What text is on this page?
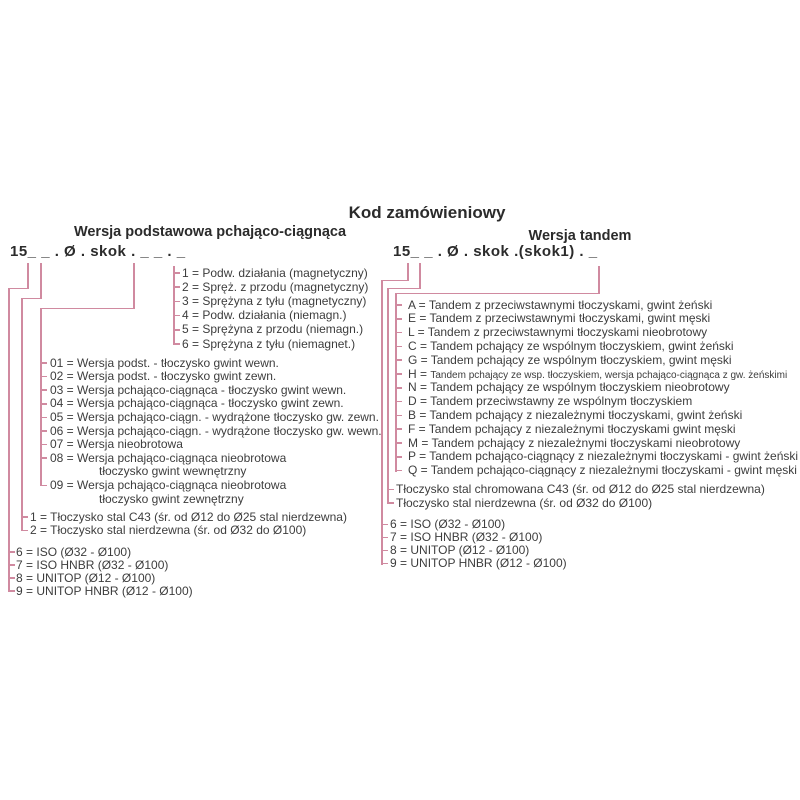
Kod zamówieniowy
Wersja podstawowa pchająco-ciągnąca	Wersja tandem
15_ _ . Ø . skok . _ _ . _	15_ _ . Ø . skok .(skok1) . _
1 = Podw. działania (magnetyczny)
2 = Spręż. z przodu (magnetyczny)
3 = Sprężyna z tyłu (magnetyczny)
4 = Podw. działania (niemagn.)
5 = Sprężyna z przodu (niemagn.)
6 = Sprężyna z tyłu (niemagnet.)
01 = Wersja podst. - tłoczysko gwint wewn.
02 = Wersja podst. - tłoczysko gwint zewn.
03 = Wersja pchająco-ciągnąca - tłoczysko gwint wewn.
04 = Wersja pchająco-ciągnąca - tłoczysko gwint zewn.
05 = Wersja pchająco-ciągn. - wydrążone tłoczysko gw. zewn.
06 = Wersja pchająco-ciągn. - wydrążone tłoczysko gw. wewn.
07 = Wersja nieobrotowa
08 = Wersja pchająco-ciągnąca nieobrotowa
tłoczysko gwint wewnętrzny
09 = Wersja pchająco-ciągnąca nieobrotowa
tłoczysko gwint zewnętrzny
1 = Tłoczysko stal C43 (śr. od Ø12 do Ø25 stal nierdzewna)
2 = Tłoczysko stal nierdzewna (śr. od Ø32 do Ø100)
6 = ISO (Ø32 - Ø100)
7 = ISO HNBR (Ø32 - Ø100)
8 = UNITOP (Ø12 - Ø100)
9 = UNITOP HNBR (Ø12 - Ø100)
A = Tandem z przeciwstawnymi tłoczyskami, gwint żeński
E = Tandem z przeciwstawnymi tłoczyskami, gwint męski
L = Tandem z przeciwstawnymi tłoczyskami nieobrotowy
C = Tandem pchający ze wspólnym tłoczyskiem, gwint żeński
G = Tandem pchający ze wspólnym tłoczyskiem, gwint męski
H = Tandem pchający ze wsp. tłoczyskiem, wersja pchająco-ciągnąca z gw. żeńskimi
N = Tandem pchający ze wspólnym tłoczyskiem nieobrotowy
D = Tandem przeciwstawny ze wspólnym tłoczyskiem
B = Tandem pchający z niezależnymi tłoczyskami, gwint żeński
F = Tandem pchający z niezależnymi tłoczyskami gwint męski
M = Tandem pchający z niezależnymi tłoczyskami nieobrotowy
P = Tandem pchająco-ciągnący z niezależnymi tłoczyskami - gwint żeński
Q = Tandem pchająco-ciągnący z niezależnymi tłoczyskami - gwint męski
Tłoczysko stal chromowana C43 (śr. od Ø12 do Ø25 stal nierdzewna)
Tłoczysko stal nierdzewna (śr. od Ø32 do Ø100)
6 = ISO (Ø32 - Ø100)
7 = ISO HNBR (Ø32 - Ø100)
8 = UNITOP (Ø12 - Ø100)
9 = UNITOP HNBR (Ø12 - Ø100)
